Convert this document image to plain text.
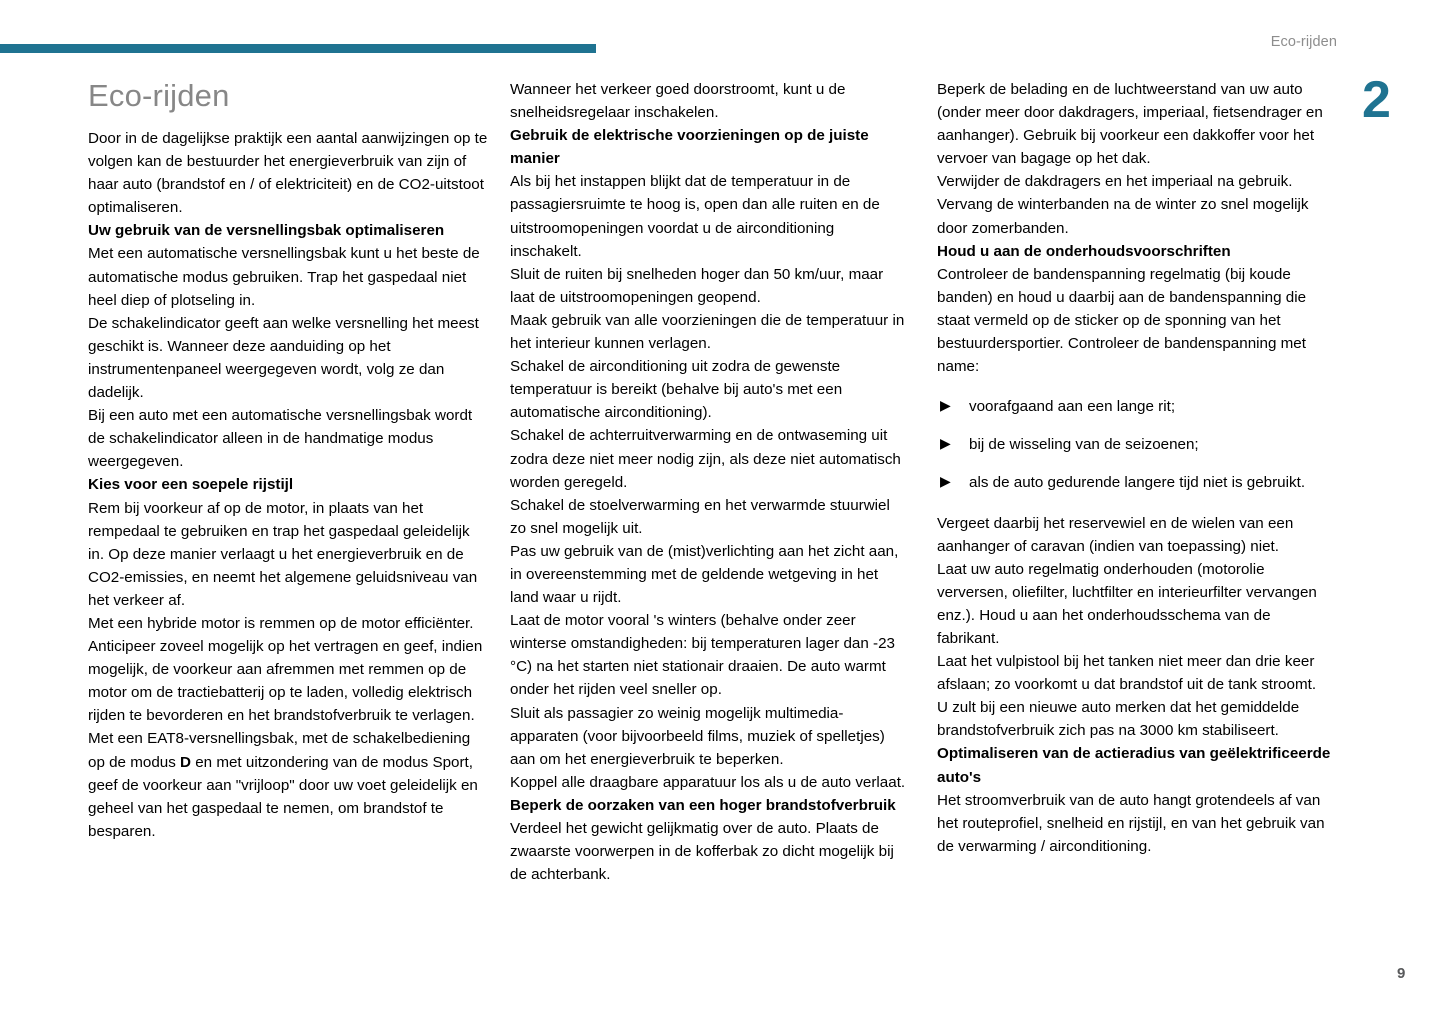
Eco-rijden
2
9
Eco-rijden

Door in de dagelijkse praktijk een aantal aanwijzingen op te volgen kan de bestuurder het energieverbruik van zijn of haar auto (brandstof en / of elektriciteit) en de CO2-uitstoot optimaliseren.

Uw gebruik van de versnellingsbak optimaliseren

Met een automatische versnellingsbak kunt u het beste de automatische modus gebruiken. Trap het gaspedaal niet heel diep of plotseling in.

De schakelindicator geeft aan welke versnelling het meest geschikt is. Wanneer deze aanduiding op het instrumentenpaneel weergegeven wordt, volg ze dan dadelijk.

Bij een auto met een automatische versnellingsbak wordt de schakelindicator alleen in de handmatige modus weergegeven.

Kies voor een soepele rijstijl

Rem bij voorkeur af op de motor, in plaats van het rempedaal te gebruiken en trap het gaspedaal geleidelijk in. Op deze manier verlaagt u het energieverbruik en de CO2-emissies, en neemt het algemene geluidsniveau van het verkeer af.

Met een hybride motor is remmen op de motor efficiënter. Anticipeer zoveel mogelijk op het vertragen en geef, indien mogelijk, de voorkeur aan afremmen met remmen op de motor om de tractiebatterij op te laden, volledig elektrisch rijden te bevorderen en het brandstofverbruik te verlagen.

Met een EAT8-versnellingsbak, met de schakelbediening op de modus D en met uitzondering van de modus Sport, geef de voorkeur aan "vrijloop" door uw voet geleidelijk en geheel van het gaspedaal te nemen, om brandstof te besparen.

Wanneer het verkeer goed doorstroomt, kunt u de snelheidsregelaar inschakelen.

Gebruik de elektrische voorzieningen op de juiste manier

Als bij het instappen blijkt dat de temperatuur in de passagiersruimte te hoog is, open dan alle ruiten en de uitstroomopeningen voordat u de airconditioning inschakelt.

Sluit de ruiten bij snelheden hoger dan 50 km/uur, maar laat de uitstroomopeningen geopend.

Maak gebruik van alle voorzieningen die de temperatuur in het interieur kunnen verlagen.

Schakel de airconditioning uit zodra de gewenste temperatuur is bereikt (behalve bij auto's met een automatische airconditioning).

Schakel de achterruitverwarming en de ontwaseming uit zodra deze niet meer nodig zijn, als deze niet automatisch worden geregeld.

Schakel de stoelverwarming en het verwarmde stuurwiel zo snel mogelijk uit.

Pas uw gebruik van de (mist)verlichting aan het zicht aan, in overeenstemming met de geldende wetgeving in het land waar u rijdt.

Laat de motor vooral 's winters (behalve onder zeer winterse omstandigheden: bij temperaturen lager dan -23 °C) na het starten niet stationair draaien. De auto warmt onder het rijden veel sneller op.

Sluit als passagier zo weinig mogelijk multimedia-apparaten (voor bijvoorbeeld films, muziek of spelletjes) aan om het energieverbruik te beperken.

Koppel alle draagbare apparatuur los als u de auto verlaat.

Beperk de oorzaken van een hoger brandstofverbruik

Verdeel het gewicht gelijkmatig over de auto. Plaats de zwaarste voorwerpen in de kofferbak zo dicht mogelijk bij de achterbank.

Beperk de belading en de luchtweerstand van uw auto (onder meer door dakdragers, imperiaal, fietsendrager en aanhanger). Gebruik bij voorkeur een dakkoffer voor het vervoer van bagage op het dak.

Verwijder de dakdragers en het imperiaal na gebruik.

Vervang de winterbanden na de winter zo snel mogelijk door zomerbanden.

Houd u aan de onderhoudsvoorschriften

Controleer de bandenspanning regelmatig (bij koude banden) en houd u daarbij aan de bandenspanning die staat vermeld op de sticker op de sponning van het bestuurdersportier. Controleer de bandenspanning met name:

▶ voorafgaand aan een lange rit;
▶ bij de wisseling van de seizoenen;
▶ als de auto gedurende langere tijd niet is gebruikt.

Vergeet daarbij het reservewiel en de wielen van een aanhanger of caravan (indien van toepassing) niet.

Laat uw auto regelmatig onderhouden (motorolie verversen, oliefilter, luchtfilter en interieurfilter vervangen enz.). Houd u aan het onderhoudsschema van de fabrikant.

Laat het vulpistool bij het tanken niet meer dan drie keer afslaan; zo voorkomt u dat brandstof uit de tank stroomt.

U zult bij een nieuwe auto merken dat het gemiddelde brandstofverbruik zich pas na 3000 km stabiliseert.

Optimaliseren van de actieradius van geëlektrificeerde auto's

Het stroomverbruik van de auto hangt grotendeels af van het routeprofiel, snelheid en rijstijl, en van het gebruik van de verwarming / airconditioning.
